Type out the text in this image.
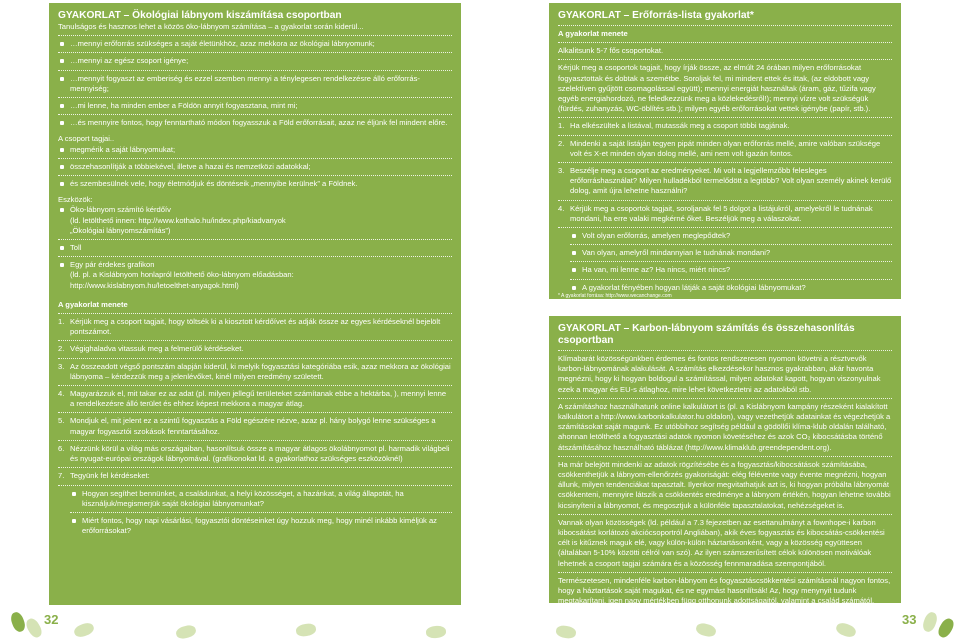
GYAKORLAT – Ökológiai lábnyom kiszámítása csoportban

Tanulságos és hasznos lehet a közös öko-lábnyom számítása – a gyakorlat során kiderül...

…mennyi erőforrás szükséges a saját életünkhöz, azaz mekkora az ökológiai lábnyomunk;

…mennyi az egész csoport igénye;

…mennyit fogyaszt az emberiség és ezzel szemben mennyi a ténylegesen rendelkezésre álló erőforrás-mennyiség;

…mi lenne, ha minden ember a Földön annyit fogyasztana, mint mi;

…és mennyire fontos, hogy fenntartható módon fogyasszuk a Föld erőforrásait, azaz ne éljünk fel mindent előre.

A csoport tagjai..

megmérik a saját lábnyomukat;

összehasonlítják a többiekével, illetve a hazai és nemzetközi adatokkal;

és szembesülnek vele, hogy életmódjuk és döntéseik „mennyibe kerülnek” a Földnek.

Eszközök:

Öko-lábnyom számító kérdőív
(ld. letölthető innen: http://www.kothalo.hu/index.php/kiadvanyok
„Ökológiai lábnyomszámítás”)

Toll

Egy pár érdekes grafikon
(ld. pl. a Kislábnyom honlapról letölthető öko-lábnyom előadásban:
http://www.kislabnyom.hu/letoelthet-anyagok.html)

A gyakorlat menete

1. Kérjük meg a csoport tagjait, hogy töltsék ki a kiosztott kérdőívet és adják össze az egyes kérdéseknél bejelölt pontszámot.
2. Végighaladva vitassuk meg a felmerülő kérdéseket.
3. Az összeadott végső pontszám alapján kiderül, ki melyik fogyasztási kategóriába esik, azaz mekkora az ökológiai lábnyoma – kérdezzük meg a jelenlévőket, kinél milyen eredmény született.
4. Magyarázzuk el, mit takar ez az adat (pl. milyen jellegű területeket számítanak ebbe a hektárba, ), mennyi lenne a rendelkezésre álló terület és ehhez képest mekkora a magyar átlag.
5. Mondjuk el, mit jelent ez a szintű fogyasztás a Föld egészére nézve, azaz pl. hány bolygó lenne szükséges a magyar fogyasztói szokások fenntartásához.
6. Nézzünk körül a világ más országaiban, hasonlítsuk össze a magyar átlagos ökolábnyomot pl. harmadik világbeli és nyugat-európai országok lábnyomával. (grafikonokat ld. a gyakorlathoz szükséges eszközöknél)
7. Tegyünk fel kérdéseket:

Hogyan segíthet bennünket, a családunkat, a helyi közösséget, a hazánkat, a világ állapotát, ha kisználjuk/megismerjük saját ökológiai lábnyomunkat?

Miért fontos, hogy napi vásárlási, fogyasztói döntéseinket úgy hozzuk meg, hogy minél inkább kiméljük az erőforrásokat?

GYAKORLAT – Erőforrás-lista gyakorlat*

A gyakorlat menete

Alkalitsunk 5-7 fős csoportokat.

Kérjük meg a csoportok tagjait, hogy írják össze, az elmúlt 24 órában milyen erőforrásokat fogyasztottak és dobtak a szemétbe. Soroljak fel, mi mindent ettek és ittak, (az eldobott vagy szelektíven gyűjtött csomagolással együtt); mennyi energiát használtak (áram, gáz, tűzifa vagy egyéb energiahordozó, ne feledkezzünk meg a közlekedésről!); mennyi vízre volt szükségük (fürdés, zuhanyzás, WC-öblítés stb.); milyen egyéb erőforrásokat vettek igénybe (papír, stb.).

1. Ha elkészültek a listával, mutassák meg a csoport többi tagjának.
2. Mindenki a saját listáján tegyen pipát minden olyan erőforrás mellé, amire valóban szüksége volt és X-et minden olyan dolog mellé, ami nem volt igazán fontos.
3. Beszélje meg a csoport az eredményeket. Mi volt a legjellemzőbb felesleges erőforráshasználat? Milyen hulladékból termelődött a legtöbb? Volt olyan személy akinek kerülő dolog, amit újra lehetne használni?
4. Kérjük meg a csoportok tagjait, soroljanak fel 5 dolgot a listájukról, amelyekről le tudnának mondani, ha erre valaki megkérné őket. Beszéljük meg a válaszokat.

Volt olyan erőforrás, amelyen meglepődtek?

Van olyan, amelyről mindannyian le tudnának mondani?

Ha van, mi lenne az? Ha nincs, miért nincs?

A gyakorlat fényében hogyan látják a saját ökológiai lábnyomukat?

* A gyakorlat forrása: http://www.wecanchange.com

GYAKORLAT – Karbon-lábnyom számítás és összehasonlítás csoportban

Klímabarát közösségünkben érdemes és fontos rendszeresen nyomon követni a résztvevők karbon-lábnyomának alakulását. A számítás elkezdésekor hasznos gyakrabban, akár havonta megnézni, hogy ki hogyan boldogul a számítással, milyen adatokat kapott, hogyan viszonyulnak ezek a magyar és EU-s átlaghoz, mire lehet következtetni az adatokból stb.

A számításhoz használhatunk online kalkulátort is (pl. a Kislábnyom kampány részeként kialakított kalkulátort a http://www.karbonkalkulator.hu oldalon), vagy vezethetjük adatainkat és végezhetjük a számításokat saját magunk. Ez utóbbihoz segítség például a gödöllői klíma-klub oldalán található, ahonnan letölthető a fogyasztási adatok nyomon követéséhez és azok CO₂ kibocsátásba történő átszámításához használható táblázat (http://www.klimaklub.greendependent.org).

Ha már belejött mindenki az adatok rögzítésébe és a fogyasztás/kibocsátások számításába, csökkenthetjük a lábnyom-ellenőrzés gyakoriságát: elég félévente vagy évente megnézni, hogyan állunk, milyen tendenciákat tapasztalt. Ilyenkor megvitathatjuk azt is, ki hogyan próbálta lábnyomát csökkenteni, mennyire látszik a csökkentés eredménye a lábnyom értékén, hogyan lehetne további kicsinyíteni a lábnyomot, és megosztjuk a különféle tapasztalatokat, nehézségeket is.

Vannak olyan közösségek (ld. például a 7.3 fejezetben az esettanulmányt a fownhope-i karbon kibocsátást korlátozó akciócsoportról Angliában), akik éves fogyasztás és kibocsátás-csökkentési célt is kitűznek maguk elé, vagy külön-külön háztartásonként, vagy a közösség együttesen (általában 5-10% közötti célról van szó). Az ilyen számszerűsített célok különösen motiválóak lehetnek a csoport tagjai számára és a közösség fennmaradása szempontjából.

Természetesen, mindenféle karbon-lábnyom és fogyasztáscsökkentési számításnál nagyon fontos, hogy a háztartások saját magukat, és ne egymást hasonlítsák! Az, hogy menynyit tudunk megtakarítani, igen nagy mértékben függ otthonunk adottságaitól, valamint a család számától, fogyasztási szokásaitól és mindennapi rutinjától is.

32	33
